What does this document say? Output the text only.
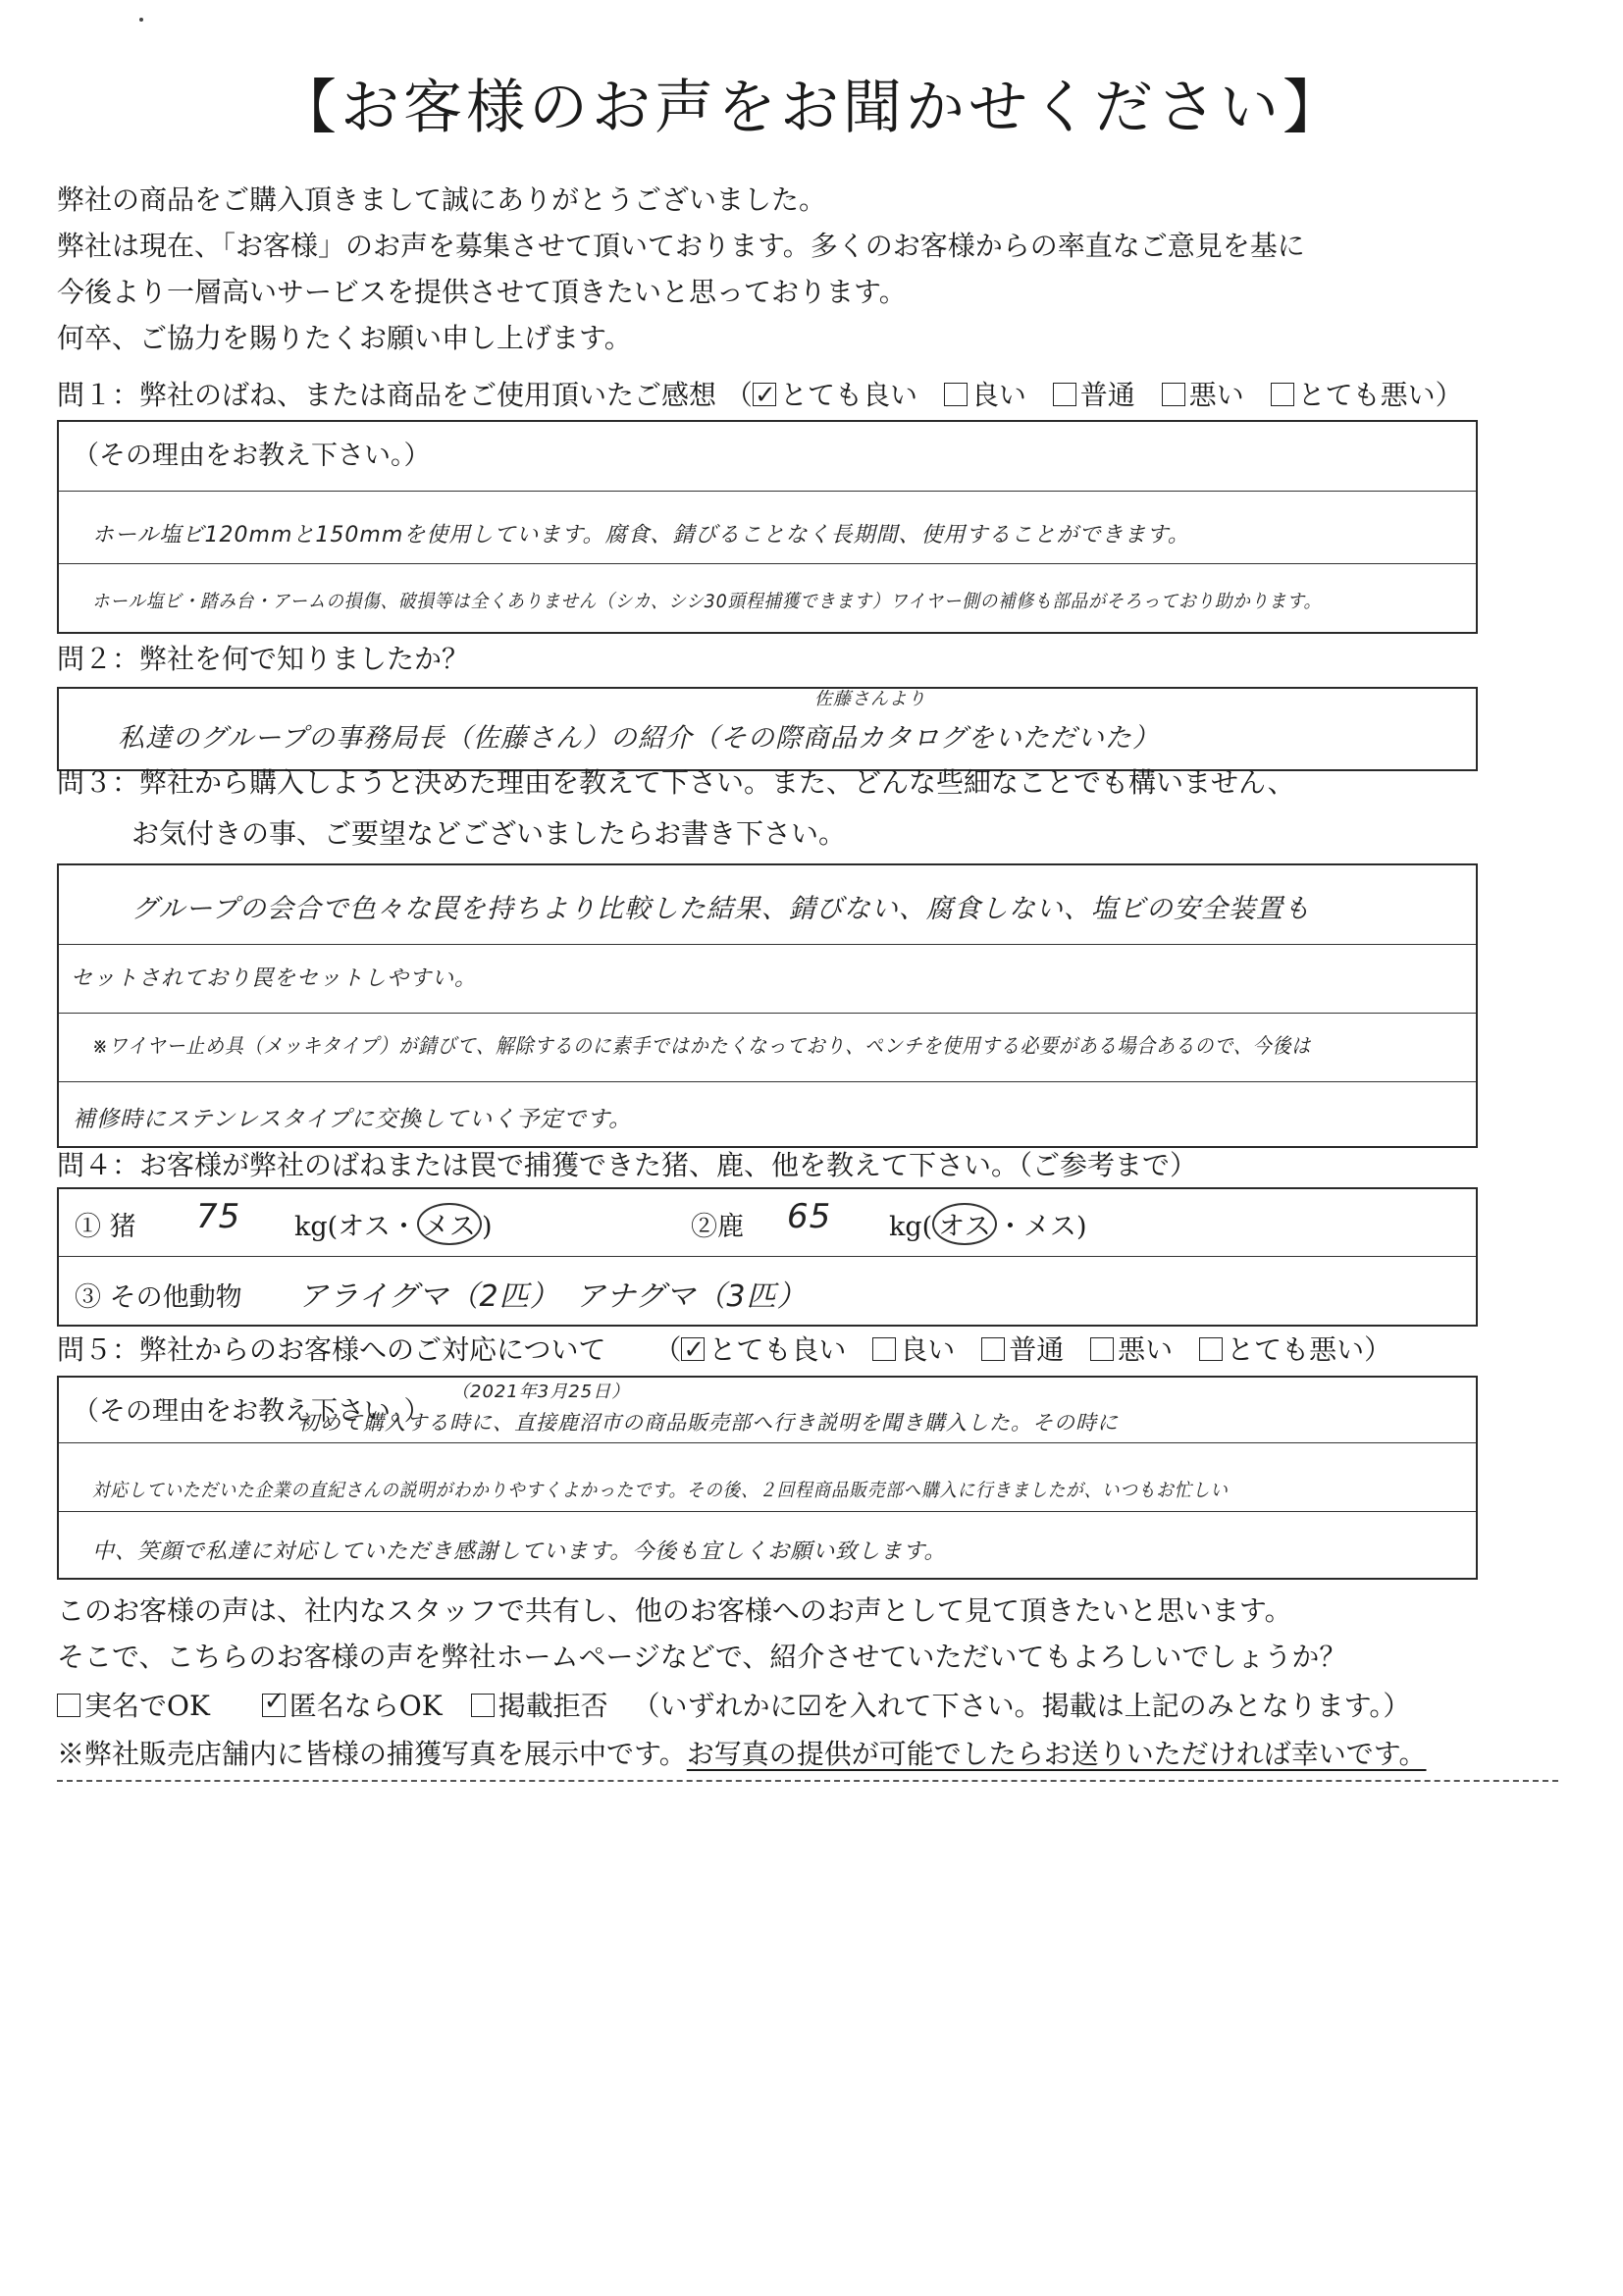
【お客様のお声をお聞かせください】
弊社の商品をご購入頂きまして誠にありがとうございました。
弊社は現在、「お客様」のお声を募集させて頂いております。多くのお客様からの率直なご意見を基に
今後より一層高いサービスを提供させて頂きたいと思っております。
何卒、ご協力を賜りたくお願い申し上げます。
問１：弊社のばね、または商品をご使用頂いたご感想 （ ✓ とても良い 良い 普通 悪い とても悪い）
（その理由をお教え下さい。）
ホール塩ビ120mmと150mmを使用しています。腐食、錆びることなく長期間、使用することができます。
ホール塩ビ・踏み台・アームの損傷、破損等は全くありません（シカ、シシ30頭程捕獲できます）ワイヤー側の補修も部品がそろっており助かります。
問２：弊社を何で知りましたか？
佐藤さんより
私達のグループの事務局長（佐藤さん）の紹介（その際商品カタログをいただいた）
問３：弊社から購入しようと決めた理由を教えて下さい。また、どんな些細なことでも構いません、
お気付きの事、ご要望などございましたらお書き下さい。
グループの会合で色々な罠を持ちより比較した結果、錆びない、腐食しない、塩ビの安全装置も
セットされており罠をセットしやすい。
※ワイヤー止め具（メッキタイプ）が錆びて、解除するのに素手ではかたくなっており、ペンチを使用する必要がある場合あるので、今後は
補修時にステンレスタイプに交換していく予定です。
問４：お客様が弊社のばねまたは罠で捕獲できた猪、鹿、他を教えて下さい。（ご参考まで）
① 猪 75 kg(オス・ メス )	②鹿 65 kg( オス ・メス)
③ その他動物 アライグマ（2匹）　アナグマ（3匹）
問５：弊社からのお客様へのご対応について （ ✓ とても良い 良い 普通 悪い とても悪い）
（その理由をお教え下さい。）
（2021年3月25日）
初めて購入する時に、直接鹿沼市の商品販売部へ行き説明を聞き購入した。その時に
対応していただいた企業の直紀さんの説明がわかりやすくよかったです。その後、２回程商品販売部へ購入に行きましたが、いつもお忙しい
中、笑顔で私達に対応していただき感謝しています。今後も宜しくお願い致します。
このお客様の声は、社内なスタッフで共有し、他のお客様へのお声として見て頂きたいと思います。
そこで、こちらのお客様の声を弊社ホームページなどで、紹介させていただいてもよろしいでしょうか？
実名でOK ✓	匿名ならOK 掲載拒否 （いずれかに☑を入れて下さい。掲載は上記のみとなります。）
※弊社販売店舗内に皆様の捕獲写真を展示中です。お写真の提供が可能でしたらお送りいただければ幸いです。
